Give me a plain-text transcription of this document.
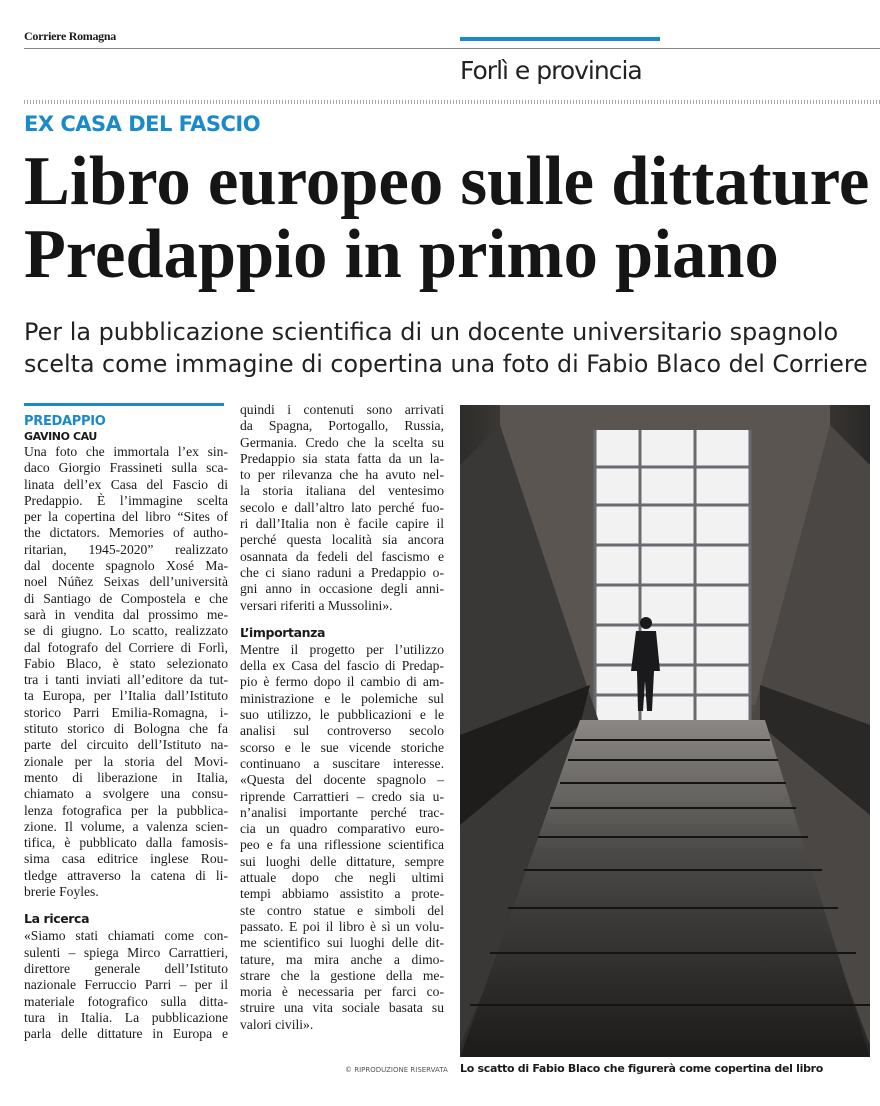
Corriere Romagna
Forlì e provincia
EX CASA DEL FASCIO
Libro europeo sulle dittature
Predappio in primo piano
Per la pubblicazione scientifica di un docente universitario spagnolo
scelta come immagine di copertina una foto di Fabio Blaco del Corriere
PREDAPPIO
GAVINO CAU
Una foto che immortala l’ex sin-
daco Giorgio Frassineti sulla sca-
linata dell’ex Casa del Fascio di
Predappio. È l’immagine scelta
per la copertina del libro “Sites of
the dictators. Memories of autho-
ritarian, 1945-2020” realizzato
dal docente spagnolo Xosé Ma-
noel Núñez Seixas dell’università
di Santiago de Compostela e che
sarà in vendita dal prossimo me-
se di giugno. Lo scatto, realizzato
dal fotografo del Corriere di Forlì,
Fabio Blaco, è stato selezionato
tra i tanti inviati all’editore da tut-
ta Europa, per l’Italia dall’Istituto
storico Parri Emilia-Romagna, i-
stituto storico di Bologna che fa
parte del circuito dell’Istituto na-
zionale per la storia del Movi-
mento di liberazione in Italia,
chiamato a svolgere una consu-
lenza fotografica per la pubblica-
zione. Il volume, a valenza scien-
tifica, è pubblicato dalla famosis-
sima casa editrice inglese Rou-
tledge attraverso la catena di li-
brerie Foyles.
La ricerca
«Siamo stati chiamati come con-
sulenti – spiega Mirco Carrattieri,
direttore generale dell’Istituto
nazionale Ferruccio Parri – per il
materiale fotografico sulla ditta-
tura in Italia. La pubblicazione
parla delle dittature in Europa e
quindi i contenuti sono arrivati
da Spagna, Portogallo, Russia,
Germania. Credo che la scelta su
Predappio sia stata fatta da un la-
to per rilevanza che ha avuto nel-
la storia italiana del ventesimo
secolo e dall’altro lato perché fuo-
ri dall’Italia non è facile capire il
perché questa località sia ancora
osannata da fedeli del fascismo e
che ci siano raduni a Predappio o-
gni anno in occasione degli anni-
versari riferiti a Mussolini».
L’importanza
Mentre il progetto per l’utilizzo
della ex Casa del fascio di Predap-
pio è fermo dopo il cambio di am-
ministrazione e le polemiche sul
suo utilizzo, le pubblicazioni e le
analisi sul controverso secolo
scorso e le sue vicende storiche
continuano a suscitare interesse.
«Questa del docente spagnolo –
riprende Carrattieri – credo sia u-
n’analisi importante perché trac-
cia un quadro comparativo euro-
peo e fa una riflessione scientifica
sui luoghi delle dittature, sempre
attuale dopo che negli ultimi
tempi abbiamo assistito a prote-
ste contro statue e simboli del
passato. E poi il libro è sì un volu-
me scientifico sui luoghi delle dit-
tature, ma mira anche a dimo-
strare che la gestione della me-
moria è necessaria per farci co-
struire una vita sociale basata su
valori civili».
© RIPRODUZIONE RISERVATA Lo scatto di Fabio Blaco che figurerà come copertina del libro
